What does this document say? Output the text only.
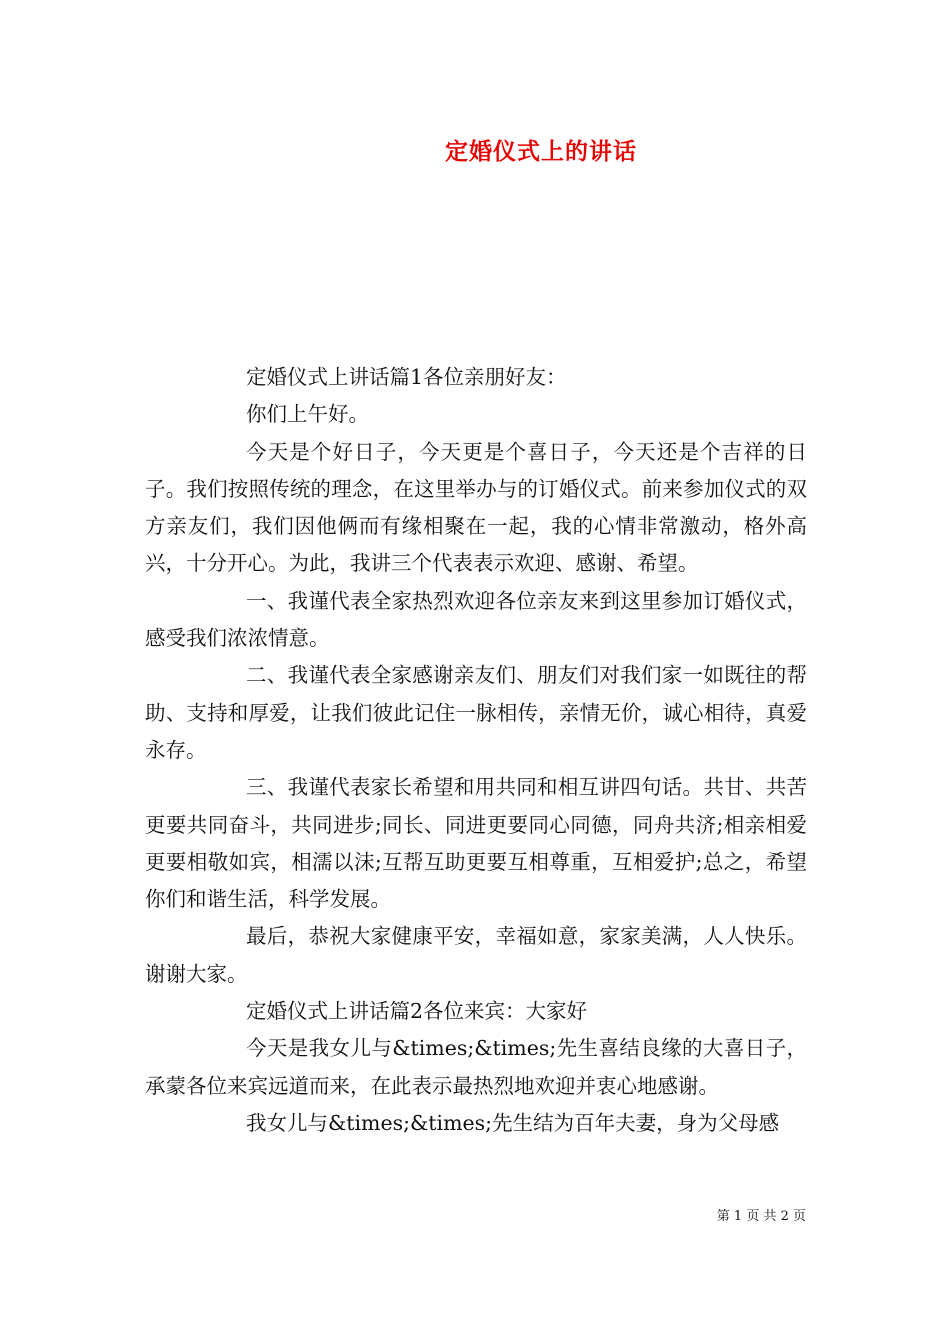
定婚仪式上的讲话

定婚仪式上讲话篇1各位亲朋好友：

你们上午好。

今天是个好日子，今天更是个喜日子，今天还是个吉祥的日子。我们按照传统的理念，在这里举办与的订婚仪式。前来参加仪式的双方亲友们，我们因他俩而有缘相聚在一起，我的心情非常激动，格外高兴，十分开心。为此，我讲三个代表表示欢迎、感谢、希望。

一、我谨代表全家热烈欢迎各位亲友来到这里参加订婚仪式，感受我们浓浓情意。

二、我谨代表全家感谢亲友们、朋友们对我们家一如既往的帮助、支持和厚爱，让我们彼此记住一脉相传，亲情无价，诚心相待，真爱永存。

三、我谨代表家长希望和用共同和相互讲四句话。共甘、共苦更要共同奋斗，共同进步;同长、同进更要同心同德，同舟共济;相亲相爱更要相敬如宾，相濡以沫;互帮互助更要互相尊重，互相爱护;总之，希望你们和谐生活，科学发展。

最后，恭祝大家健康平安，幸福如意，家家美满，人人快乐。谢谢大家。

定婚仪式上讲话篇2各位来宾：大家好

今天是我女儿与&times;&times;先生喜结良缘的大喜日子，承蒙各位来宾远道而来，在此表示最热烈地欢迎并衷心地感谢。

我女儿与&times;&times;先生结为百年夫妻，身为父母感

第 1 页 共 2 页
